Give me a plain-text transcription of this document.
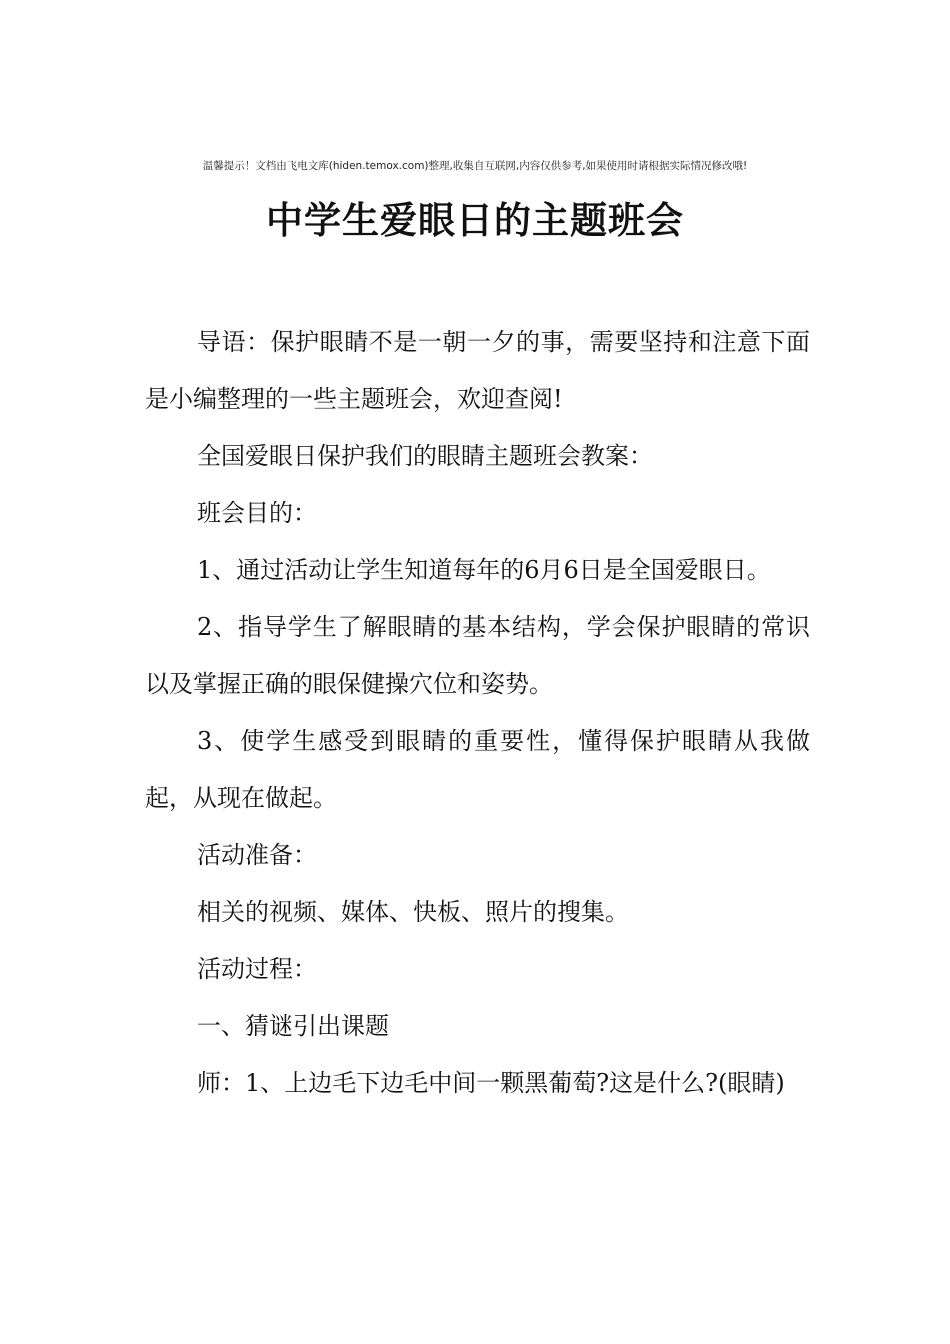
温馨提示！文档由飞电文库(hiden.temox.com)整理,收集自互联网,内容仅供参考,如果使用时请根据实际情况修改哦!
中学生爱眼日的主题班会

导语：保护眼睛不是一朝一夕的事，需要坚持和注意下面是小编整理的一些主题班会，欢迎查阅!

全国爱眼日保护我们的眼睛主题班会教案：

班会目的：

1、通过活动让学生知道每年的6月6日是全国爱眼日。

2、指导学生了解眼睛的基本结构，学会保护眼睛的常识以及掌握正确的眼保健操穴位和姿势。

3、使学生感受到眼睛的重要性，懂得保护眼睛从我做起，从现在做起。

活动准备：

相关的视频、媒体、快板、照片的搜集。

活动过程：

一、猜谜引出课题

师：1、上边毛下边毛中间一颗黑葡萄?这是什么?(眼睛)
